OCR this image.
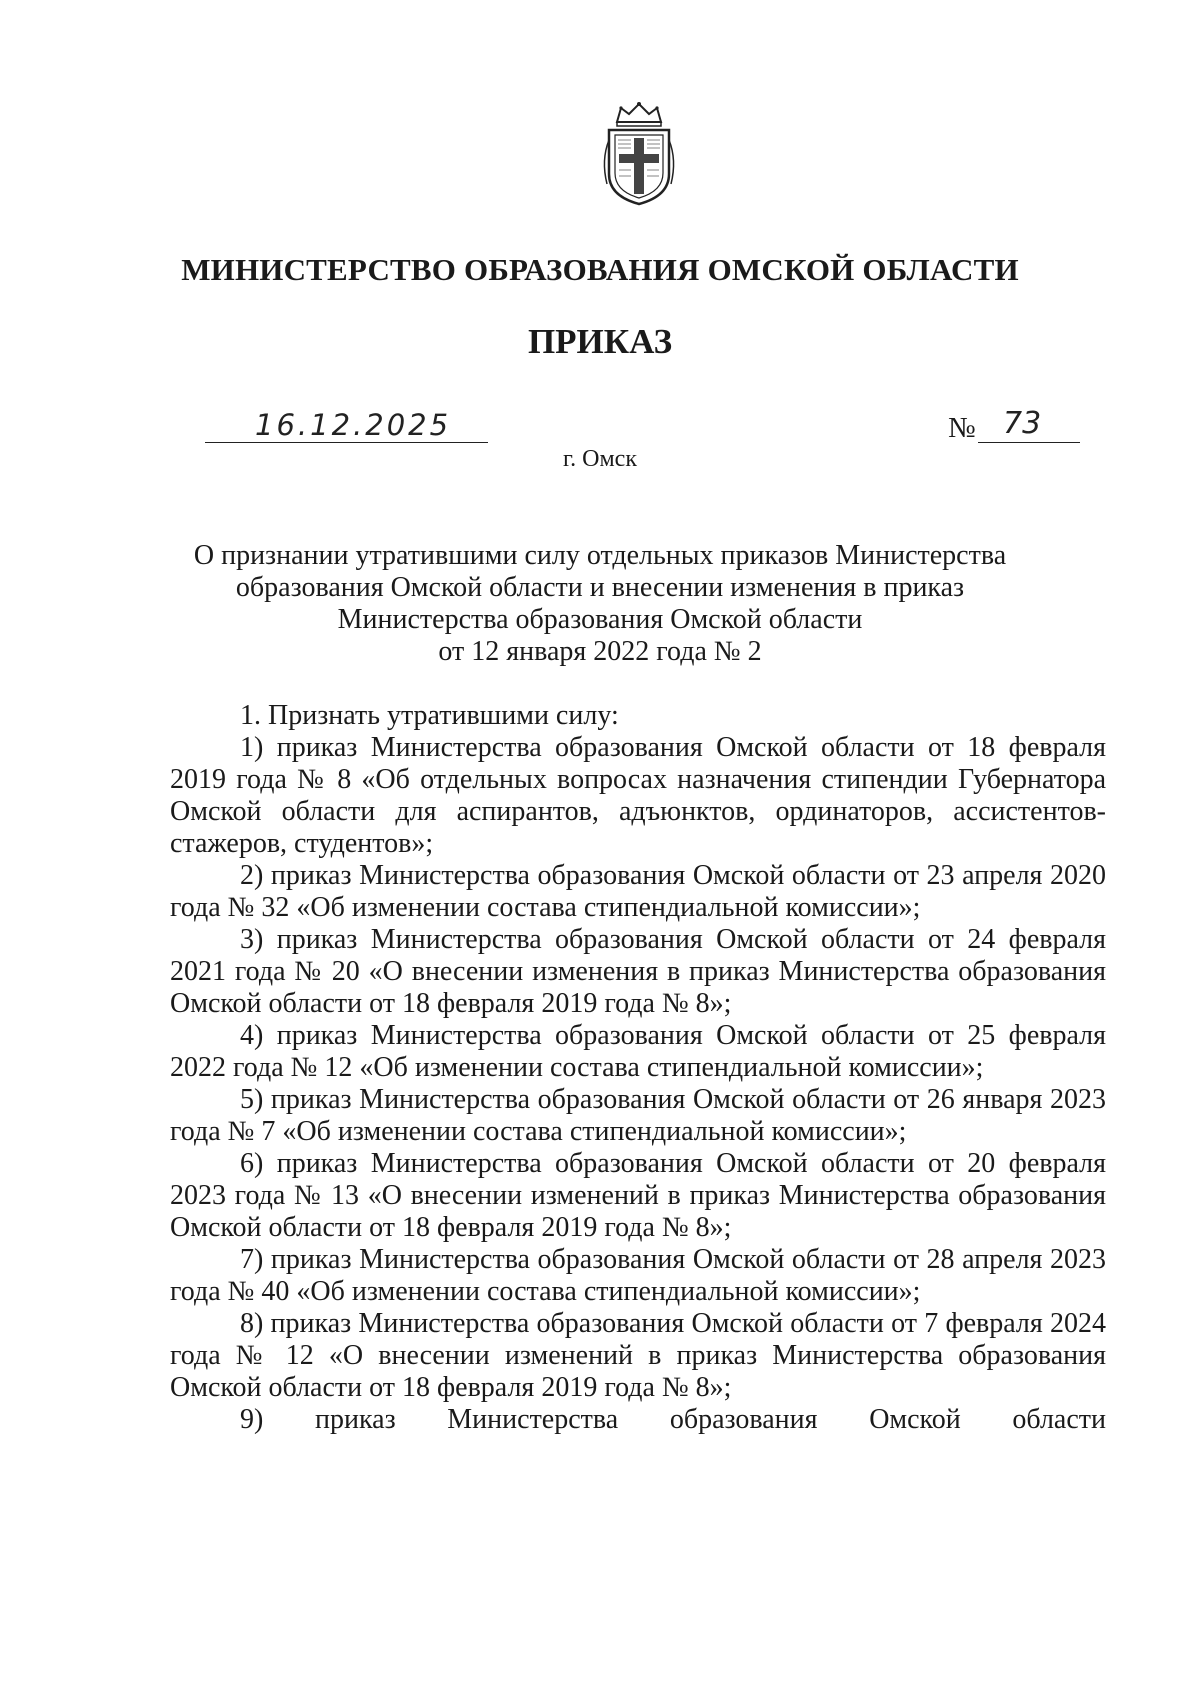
МИНИСТЕРСТВО ОБРАЗОВАНИЯ ОМСКОЙ ОБЛАСТИ
ПРИКАЗ
16.12.2025	№ 73
г. Омск
О признании утратившими силу отдельных приказов Министерства
образования Омской области и внесении изменения в приказ
Министерства образования Омской области
от 12 января 2022 года № 2

1. Признать утратившими силу:

1) приказ Министерства образования Омской области от 18 февраля 2019 года № 8 «Об отдельных вопросах назначения стипендии Губернатора Омской области для аспирантов, адъюнктов, ординаторов, ассистентов-стажеров, студентов»;

2) приказ Министерства образования Омской области от 23 апреля 2020 года № 32 «Об изменении состава стипендиальной комиссии»;

3) приказ Министерства образования Омской области от 24 февраля 2021 года № 20 «О внесении изменения в приказ Министерства образования Омской области от 18 февраля 2019 года № 8»;

4) приказ Министерства образования Омской области от 25 февраля 2022 года № 12 «Об изменении состава стипендиальной комиссии»;

5) приказ Министерства образования Омской области от 26 января 2023 года № 7 «Об изменении состава стипендиальной комиссии»;

6) приказ Министерства образования Омской области от 20 февраля 2023 года № 13 «О внесении изменений в приказ Министерства образования Омской области от 18 февраля 2019 года № 8»;

7) приказ Министерства образования Омской области от 28 апреля 2023 года № 40 «Об изменении состава стипендиальной комиссии»;

8) приказ Министерства образования Омской области от 7 февраля 2024 года № 12 «О внесении изменений в приказ Министерства образования Омской области от 18 февраля 2019 года № 8»;

9) приказ Министерства образования Омской области
